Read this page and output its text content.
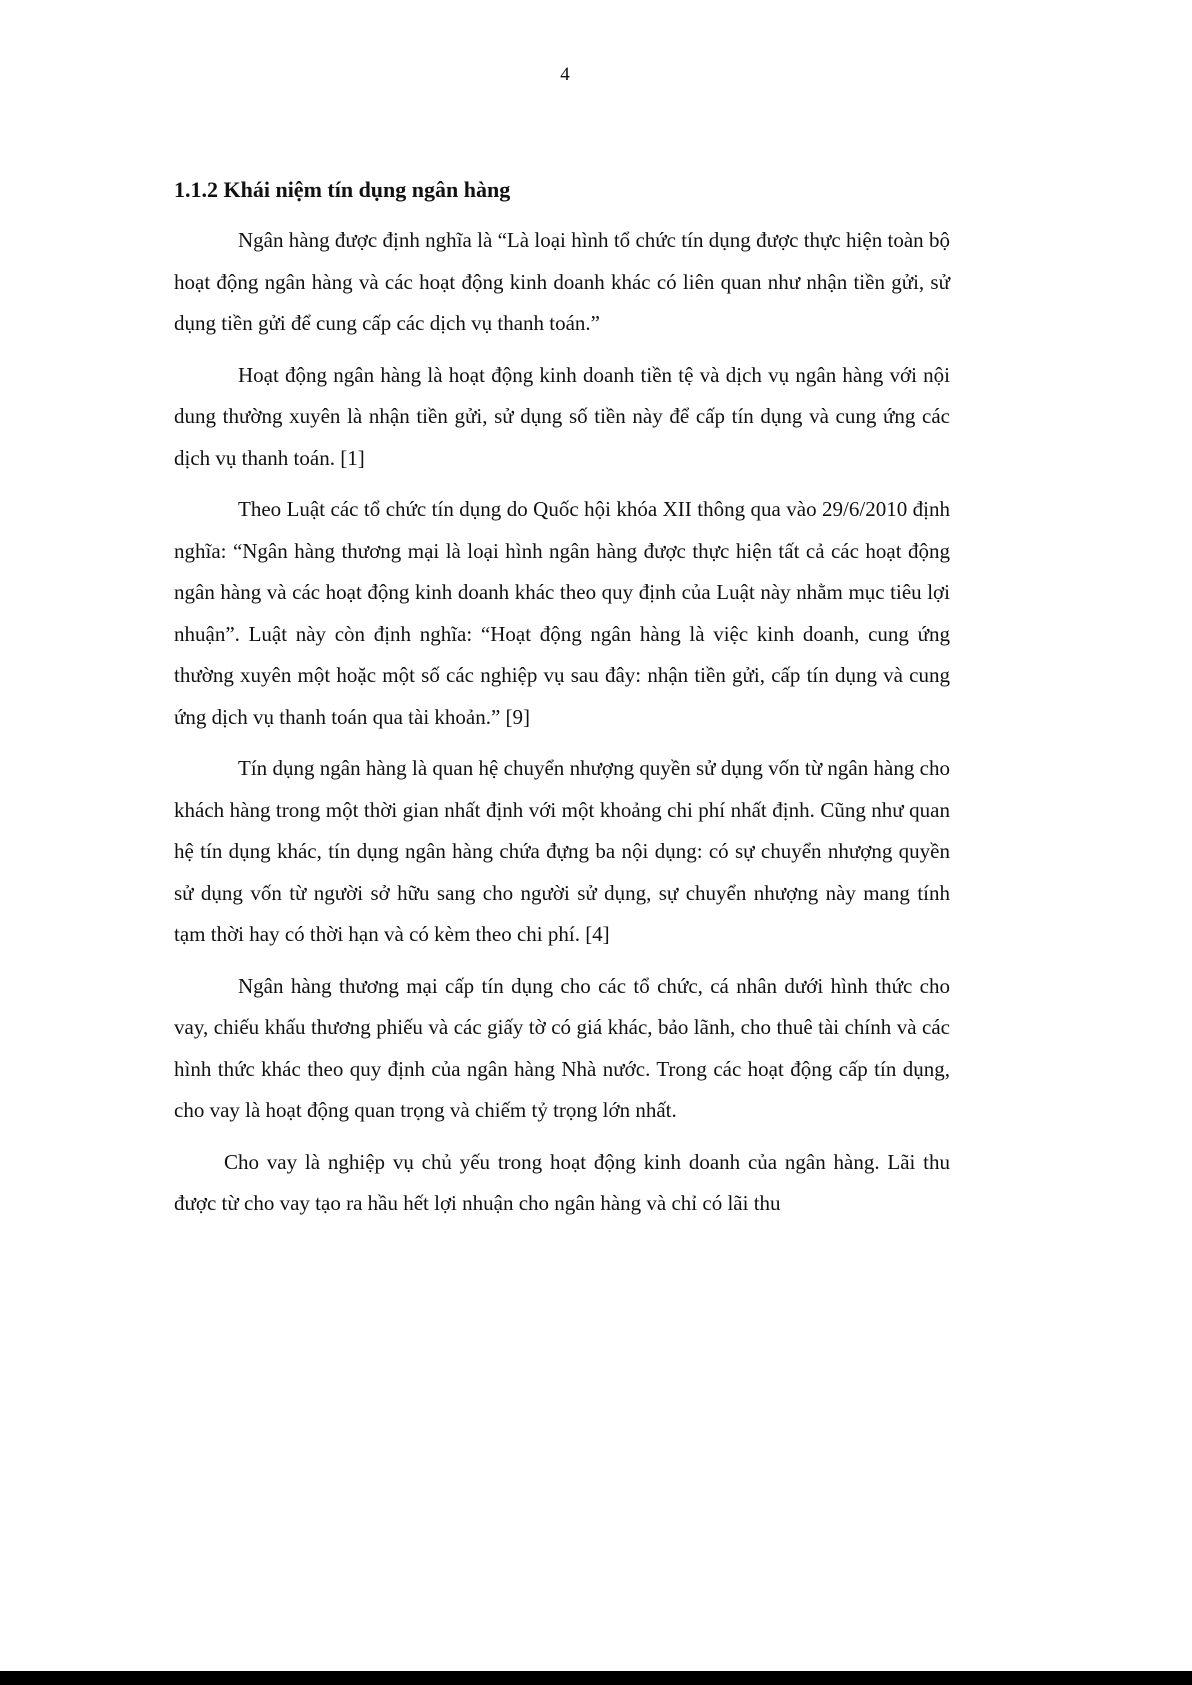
4
1.1.2 Khái niệm tín dụng ngân hàng

Ngân hàng được định nghĩa là “Là loại hình tổ chức tín dụng được thực hiện toàn bộ hoạt động ngân hàng và các hoạt động kinh doanh khác có liên quan như nhận tiền gửi, sử dụng tiền gửi để cung cấp các dịch vụ thanh toán.”

Hoạt động ngân hàng là hoạt động kinh doanh tiền tệ và dịch vụ ngân hàng với nội dung thường xuyên là nhận tiền gửi, sử dụng số tiền này để cấp tín dụng và cung ứng các dịch vụ thanh toán. [1]

Theo Luật các tổ chức tín dụng do Quốc hội khóa XII thông qua vào 29/6/2010 định nghĩa: “Ngân hàng thương mại là loại hình ngân hàng được thực hiện tất cả các hoạt động ngân hàng và các hoạt động kinh doanh khác theo quy định của Luật này nhằm mục tiêu lợi nhuận”. Luật này còn định nghĩa: “Hoạt động ngân hàng là việc kinh doanh, cung ứng thường xuyên một hoặc một số các nghiệp vụ sau đây: nhận tiền gửi, cấp tín dụng và cung ứng dịch vụ thanh toán qua tài khoản.” [9]

Tín dụng ngân hàng là quan hệ chuyển nhượng quyền sử dụng vốn từ ngân hàng cho khách hàng trong một thời gian nhất định với một khoảng chi phí nhất định. Cũng như quan hệ tín dụng khác, tín dụng ngân hàng chứa đựng ba nội dụng: có sự chuyển nhượng quyền sử dụng vốn từ người sở hữu sang cho người sử dụng, sự chuyển nhượng này mang tính tạm thời hay có thời hạn và có kèm theo chi phí. [4]

Ngân hàng thương mại cấp tín dụng cho các tổ chức, cá nhân dưới hình thức cho vay, chiếu khấu thương phiếu và các giấy tờ có giá khác, bảo lãnh, cho thuê tài chính và các hình thức khác theo quy định của ngân hàng Nhà nước. Trong các hoạt động cấp tín dụng, cho vay là hoạt động quan trọng và chiếm tỷ trọng lớn nhất.

Cho vay là nghiệp vụ chủ yếu trong hoạt động kinh doanh của ngân hàng. Lãi thu được từ cho vay tạo ra hầu hết lợi nhuận cho ngân hàng và chỉ có lãi thu
